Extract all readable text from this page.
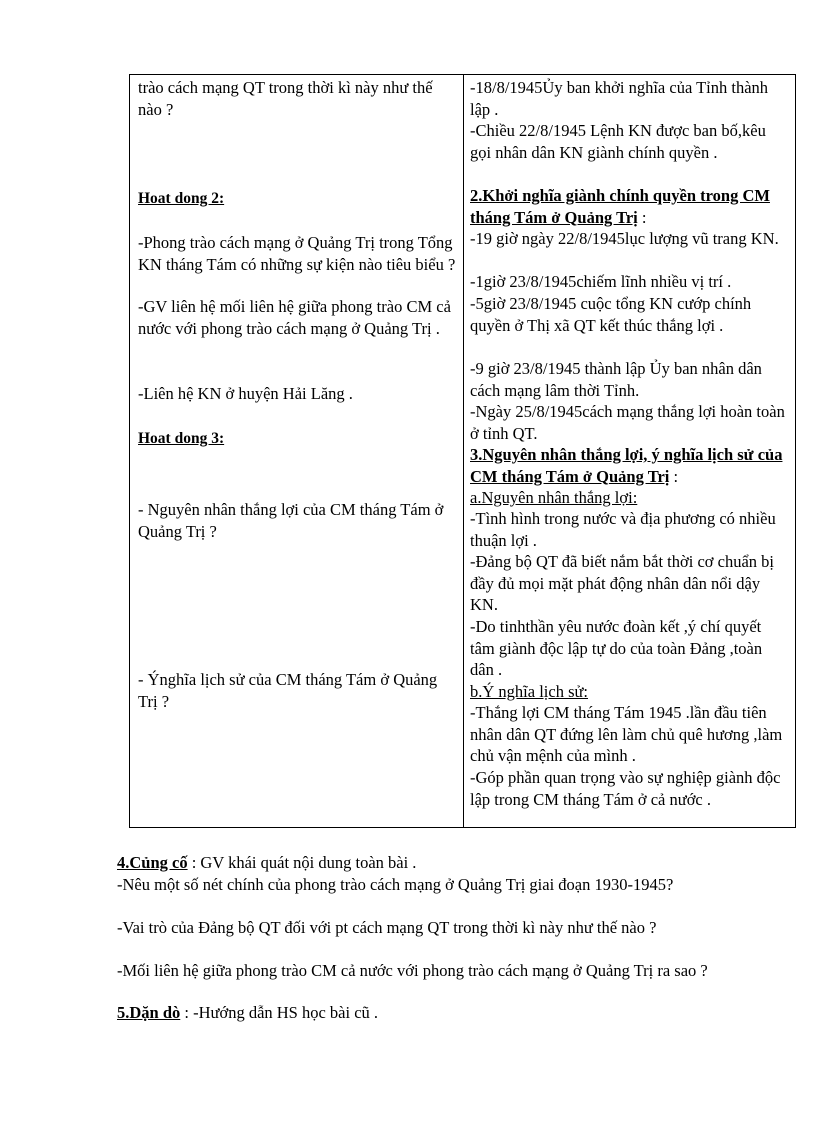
trào cách mạng QT trong thời kì này như thế nào ?

Hoat dong 2:

-Phong trào cách mạng ở Quảng Trị trong Tổng KN tháng Tám có những sự kiện nào tiêu biểu ?

-GV liên hệ mối liên hệ giữa phong trào CM cả nước với phong trào cách mạng ở Quảng Trị .

-Liên hệ KN ở huyện Hải Lăng .

Hoat dong 3:

- Nguyên nhân thắng lợi của CM tháng Tám ở Quảng Trị ?

- Ýnghĩa lịch sử của CM tháng Tám ở Quảng Trị ?

-18/8/1945Ủy ban khởi nghĩa của Tỉnh thành lập .

-Chiều 22/8/1945 Lệnh KN được ban bố,kêu gọi nhân dân KN giành chính quyền .

2.Khởi nghĩa giành chính quyền trong CM tháng Tám ở Quảng Trị :

-19 giờ ngày 22/8/1945lục lượng vũ trang KN.

-1giờ 23/8/1945chiếm lĩnh nhiều vị trí .

-5giờ 23/8/1945 cuộc tổng KN cướp chính quyền ở Thị xã QT kết thúc thắng lợi .

-9 giờ 23/8/1945 thành lập Ủy ban nhân dân cách mạng lâm thời Tỉnh.

-Ngày 25/8/1945cách mạng thắng lợi hoàn toàn ở tỉnh QT.

3.Nguyên nhân thắng lợi, ý nghĩa lịch sử của CM tháng Tám ở Quảng Trị :

a.Nguyên nhân thắng lợi:

-Tình hình trong nước và địa phương có nhiều thuận lợi .

-Đảng bộ QT đã biết nắm bắt thời cơ chuẩn bị đầy đủ mọi mặt phát động nhân dân nổi dậy KN.

-Do tinhthần yêu nước đoàn kết ,ý chí quyết tâm giành độc lập tự do của toàn Đảng ,toàn dân .

b.Ý nghĩa lịch sử:

-Thắng lợi CM tháng Tám 1945 .lần đầu tiên nhân dân QT đứng lên làm chủ quê hương ,làm chủ vận mệnh của mình .

-Góp phần quan trọng vào sự nghiệp giành độc lập trong CM tháng Tám ở cả nước .

4.Củng cố : GV khái quát nội dung toàn bài .

-Nêu một số nét chính của phong trào cách mạng ở Quảng Trị giai đoạn 1930-1945?

-Vai trò của Đảng bộ QT đối với pt cách mạng QT trong thời kì này như thế nào ?

-Mối liên hệ giữa phong trào CM cả nước với phong trào cách mạng ở Quảng Trị ra sao ?

5.Dặn dò : -Hướng dẫn HS học bài cũ .
